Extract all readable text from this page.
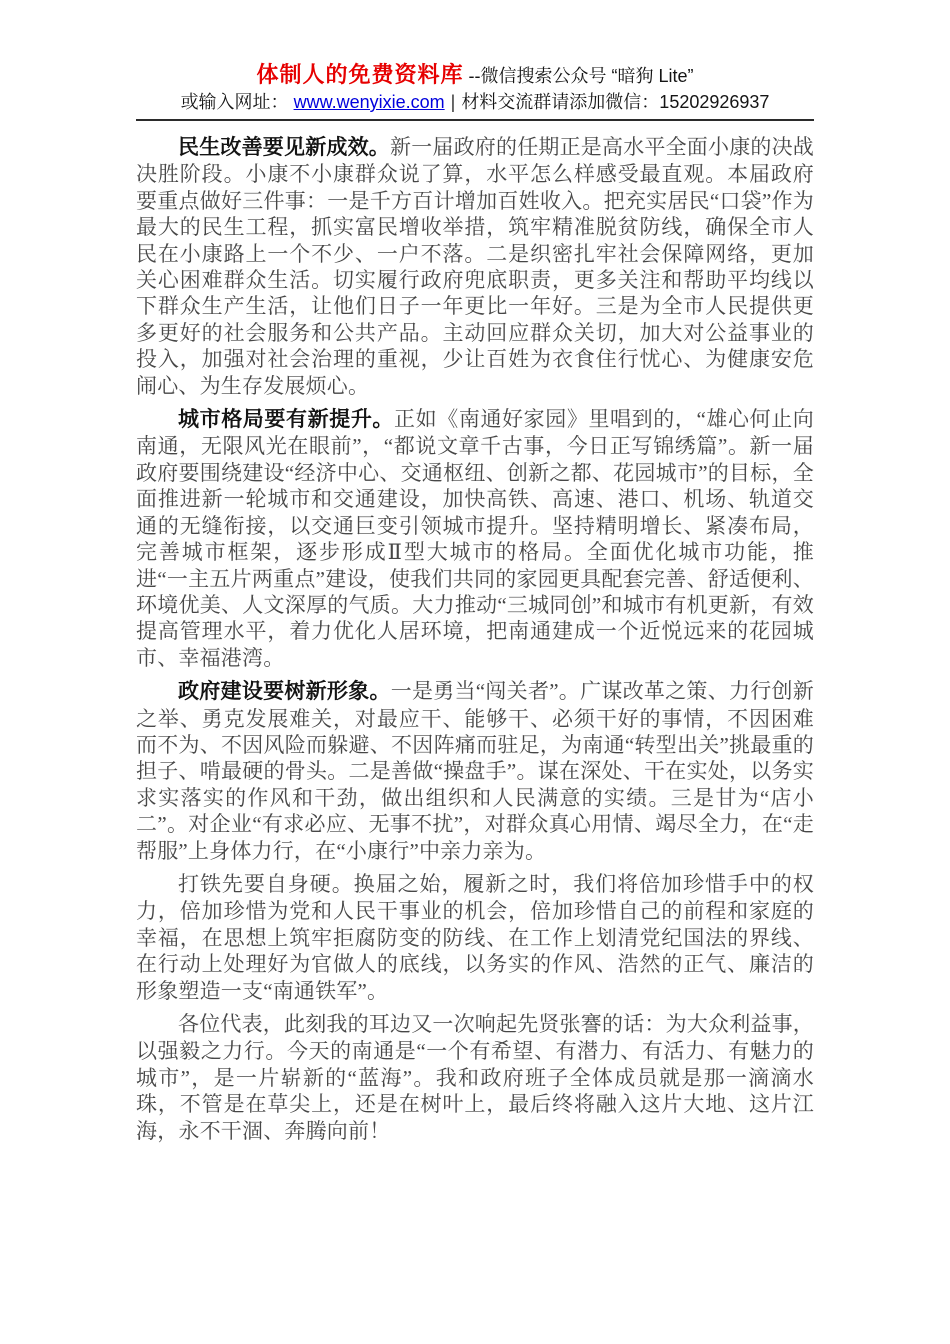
体制人的免费资料库 --微信搜索公众号 “暗狗 Lite”
或输入网址： www.wenyixie.com | 材料交流群请添加微信：15202926937

民生改善要见新成效。新一届政府的任期正是高水平全面小康的决战决胜阶段。小康不小康群众说了算，水平怎么样感受最直观。本届政府要重点做好三件事：一是千方百计增加百姓收入。把充实居民“口袋”作为最大的民生工程，抓实富民增收举措，筑牢精准脱贫防线，确保全市人民在小康路上一个不少、一户不落。二是织密扎牢社会保障网络，更加关心困难群众生活。切实履行政府兜底职责，更多关注和帮助平均线以下群众生产生活，让他们日子一年更比一年好。三是为全市人民提供更多更好的社会服务和公共产品。主动回应群众关切，加大对公益事业的投入，加强对社会治理的重视，少让百姓为衣食住行忧心、为健康安危闹心、为生存发展烦心。

城市格局要有新提升。正如《南通好家园》里唱到的，“雄心何止向南通，无限风光在眼前”，“都说文章千古事，今日正写锦绣篇”。新一届政府要围绕建设“经济中心、交通枢纽、创新之都、花园城市”的目标，全面推进新一轮城市和交通建设，加快高铁、高速、港口、机场、轨道交通的无缝衔接，以交通巨变引领城市提升。坚持精明增长、紧凑布局，完善城市框架，逐步形成Ⅱ型大城市的格局。全面优化城市功能，推进“一主五片两重点”建设，使我们共同的家园更具配套完善、舒适便利、环境优美、人文深厚的气质。大力推动“三城同创”和城市有机更新，有效提高管理水平，着力优化人居环境，把南通建成一个近悦远来的花园城市、幸福港湾。

政府建设要树新形象。一是勇当“闯关者”。广谋改革之策、力行创新之举、勇克发展难关，对最应干、能够干、必须干好的事情，不因困难而不为、不因风险而躲避、不因阵痛而驻足，为南通“转型出关”挑最重的担子、啃最硬的骨头。二是善做“操盘手”。谋在深处、干在实处，以务实求实落实的作风和干劲，做出组织和人民满意的实绩。三是甘为“店小二”。对企业“有求必应、无事不扰”，对群众真心用情、竭尽全力，在“走帮服”上身体力行，在“小康行”中亲力亲为。

打铁先要自身硬。换届之始，履新之时，我们将倍加珍惜手中的权力，倍加珍惜为党和人民干事业的机会，倍加珍惜自己的前程和家庭的幸福，在思想上筑牢拒腐防变的防线、在工作上划清党纪国法的界线、在行动上处理好为官做人的底线，以务实的作风、浩然的正气、廉洁的形象塑造一支“南通铁军”。

各位代表，此刻我的耳边又一次响起先贤张謇的话：为大众利益事，以强毅之力行。今天的南通是“一个有希望、有潜力、有活力、有魅力的城市”，是一片崭新的“蓝海”。我和政府班子全体成员就是那一滴滴水珠，不管是在草尖上，还是在树叶上，最后终将融入这片大地、这片江海，永不干涸、奔腾向前！
